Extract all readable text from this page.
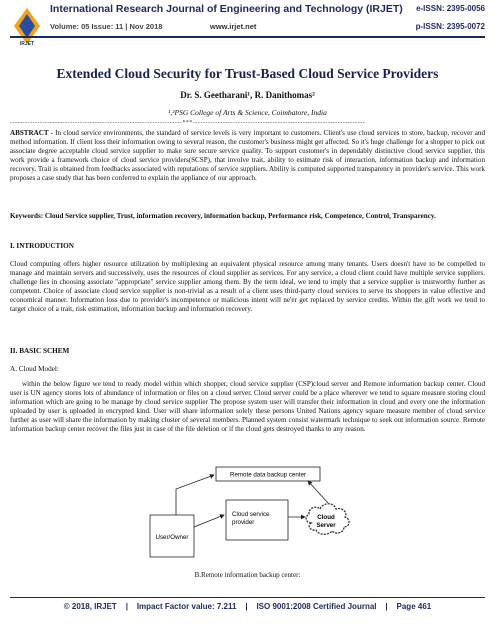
IRJET
International Research Journal of Engineering and Technology (IRJET)
Volume: 05 Issue: 11 | Nov 2018	www.irjet.net
e-ISSN: 2395-0056
p-ISSN: 2395-0072
Extended Cloud Security for Trust-Based Cloud Service Providers
Dr. S. Geetharani¹, R. Danithomas²
¹,²PSG College of Arts & Science, Coimbatore, India
---------------------------------------------------------------------***---------------------------------------------------------------------
ABSTRACT - In cloud service environments, the standard of service levels is very important to customers. Client's use cloud services to store, backup, recover and method information. If client loss their information owing to several reason, the customer's business might get affected. So it's huge challenge for a shopper to pick out associate degree acceptable cloud service supplier to make sure secure service quality. To support customer's in dependably distinctive cloud service supplier, this work provide a framework choice of cloud service providers(SCSP), that involve trait, ability to estimate risk of interaction, information backup and information recovery. Trait is obtained from feedbacks associated with reputations of service suppliers. Ability is computed supported transparency in provider's service. This work proposes a case study that has been conferred to explain the appliance of our approach.
Keywords: Cloud Service supplier, Trust, information recovery, information backup, Performance risk, Competence, Control, Transparency.
I. INTRODUCTION
Cloud computing offers higher resource utilization by multiplexing an equivalent physical resource among many tenants. Users doesn't have to be compelled to manage and maintain servers and successively, uses the resources of cloud supplier as services. For any service, a cloud client could have multiple service suppliers. challenge lies in choosing associate "appropriate" service supplier among them. By the term ideal, we tend to imply that a service supplier is trustworthy further as competent. Choice of associate cloud service supplier is non-trivial as a result of a client uses third-party cloud services to serve its shoppers in value effective and economical manner. Information loss due to provider's incompetence or malicious intent will ne'er get replaced by service credits. Within the gift work we tend to target choice of a trait, risk estimation, information backup and information recovery.
II. BASIC SCHEM
A. Cloud Model:
within the below figure we tend to ready model within which shopper, cloud service supplier (CSP)cloud server and Remote information backup center. Cloud user is UN agency stores lots of abundance of information or files on a cloud server. Cloud server could be a place wherever we tend to square measure storing cloud information which are going to be manage by cloud service supplier The propose system user will transfer their information in cloud and every one the information uploaded by user is uploaded in encrypted kind. User will share information solely these persons United Nations agency square measure member of cloud service further as user will share the information by making cluster of several members. Planned system consist watermark technique to seek out information source. Remote information backup center recover the files just in case of the file deletion or if the cloud gets destroyed thanks to any reason.
Remote data backup center
Cloud service
provider
User/Owner
Cloud
Server
B.Remote information backup center:
© 2018, IRJET    |    Impact Factor value: 7.211    |    ISO 9001:2008 Certified Journal    |    Page 461
